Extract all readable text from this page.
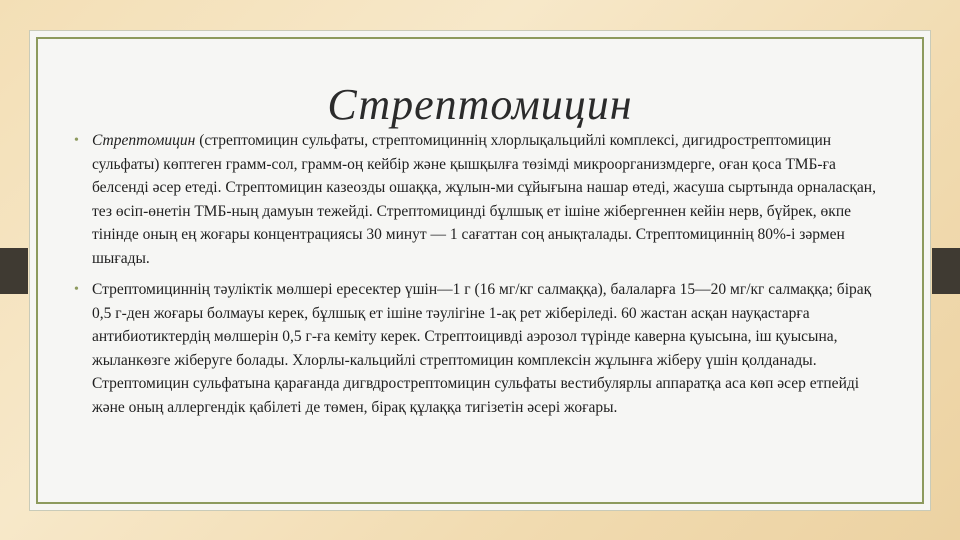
Стрептомицин

• Стрептомицин (стрептомицин сульфаты, стрептомициннің хлорлықальцийлі комплексі, дигидрострептомицин сульфаты) көптеген грамм-сол, грамм-оң кейбір және қышқылға төзімді микроорганизмдерге, оған қоса ТМБ-ға белсенді әсер етеді. Стрептомицин казеозды ошаққа, жұлын-ми сұйығына нашар өтеді, жасуша сыртында орналасқан, тез өсіп-өнетін ТМБ-ның дамуын тежейді. Стрептомицинді бұлшық ет ішіне жібергеннен кейін нерв, бүйрек, өкпе тінінде оның ең жоғары концентрациясы 30 минут — 1 сағаттан соң анықталады. Стрептомициннің 80%-і зәрмен шығады.

• Стрептомициннің тәуліктік мөлшері ересектер үшін—1 г (16 мг/кг салмаққа), балаларға 15—20 мг/кг салмаққа; бірақ 0,5 г-ден жоғары болмауы керек, бұлшық ет ішіне тәулігіне 1-ақ рет жіберіледі. 60 жастан асқан науқастарға антибиотиктердің мөлшерін 0,5 г-ға кеміту керек. Стрептоицивді аэрозол түрінде каверна қуысына, іш қуысына, жыланкөзге жіберуге болады. Хлорлы-кальцийлі стрептомицин комплексін жұлынға жіберу үшін қолданады. Стрептомицин сульфатына қарағанда дигвдрострептомицин сульфаты вестибулярлы аппаратқа аса көп әсер етпейді және оның аллергендік қабілеті де төмен, бірақ құлаққа тигізетін әсері жоғары.
